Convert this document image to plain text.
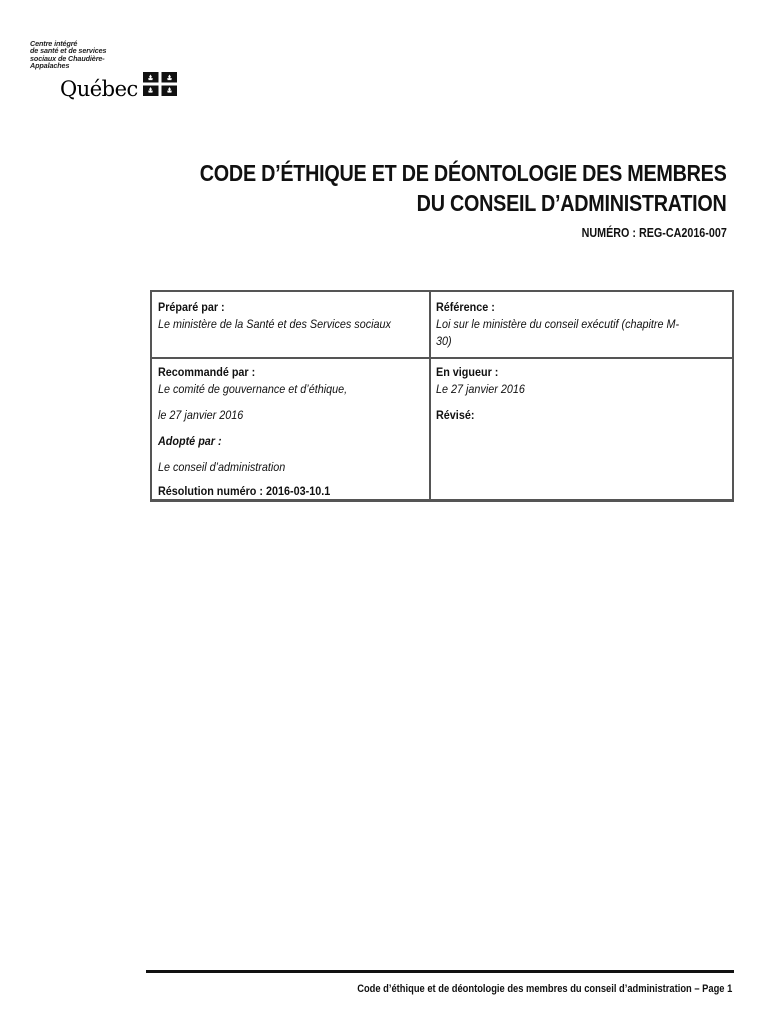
Centre intégré
de santé et de services
sociaux de Chaudière-
Appalaches
Québec
CODE D’ÉTHIQUE ET DE DÉONTOLOGIE DES MEMBRES
DU CONSEIL D’ADMINISTRATION
NUMÉRO : REG-CA2016-007
Préparé par :
Le ministère de la Santé et des Services sociaux
Référence :
Loi sur le ministère du conseil exécutif (chapitre M-30)
Recommandé par :
Le comité de gouvernance et d’éthique,
le 27 janvier 2016
Adopté par :
Le conseil d’administration
Résolution numéro : 2016-03-10.1
En vigueur :
Le 27 janvier 2016
Révisé:
Code d’éthique et de déontologie des membres du conseil d’administration – Page 1
